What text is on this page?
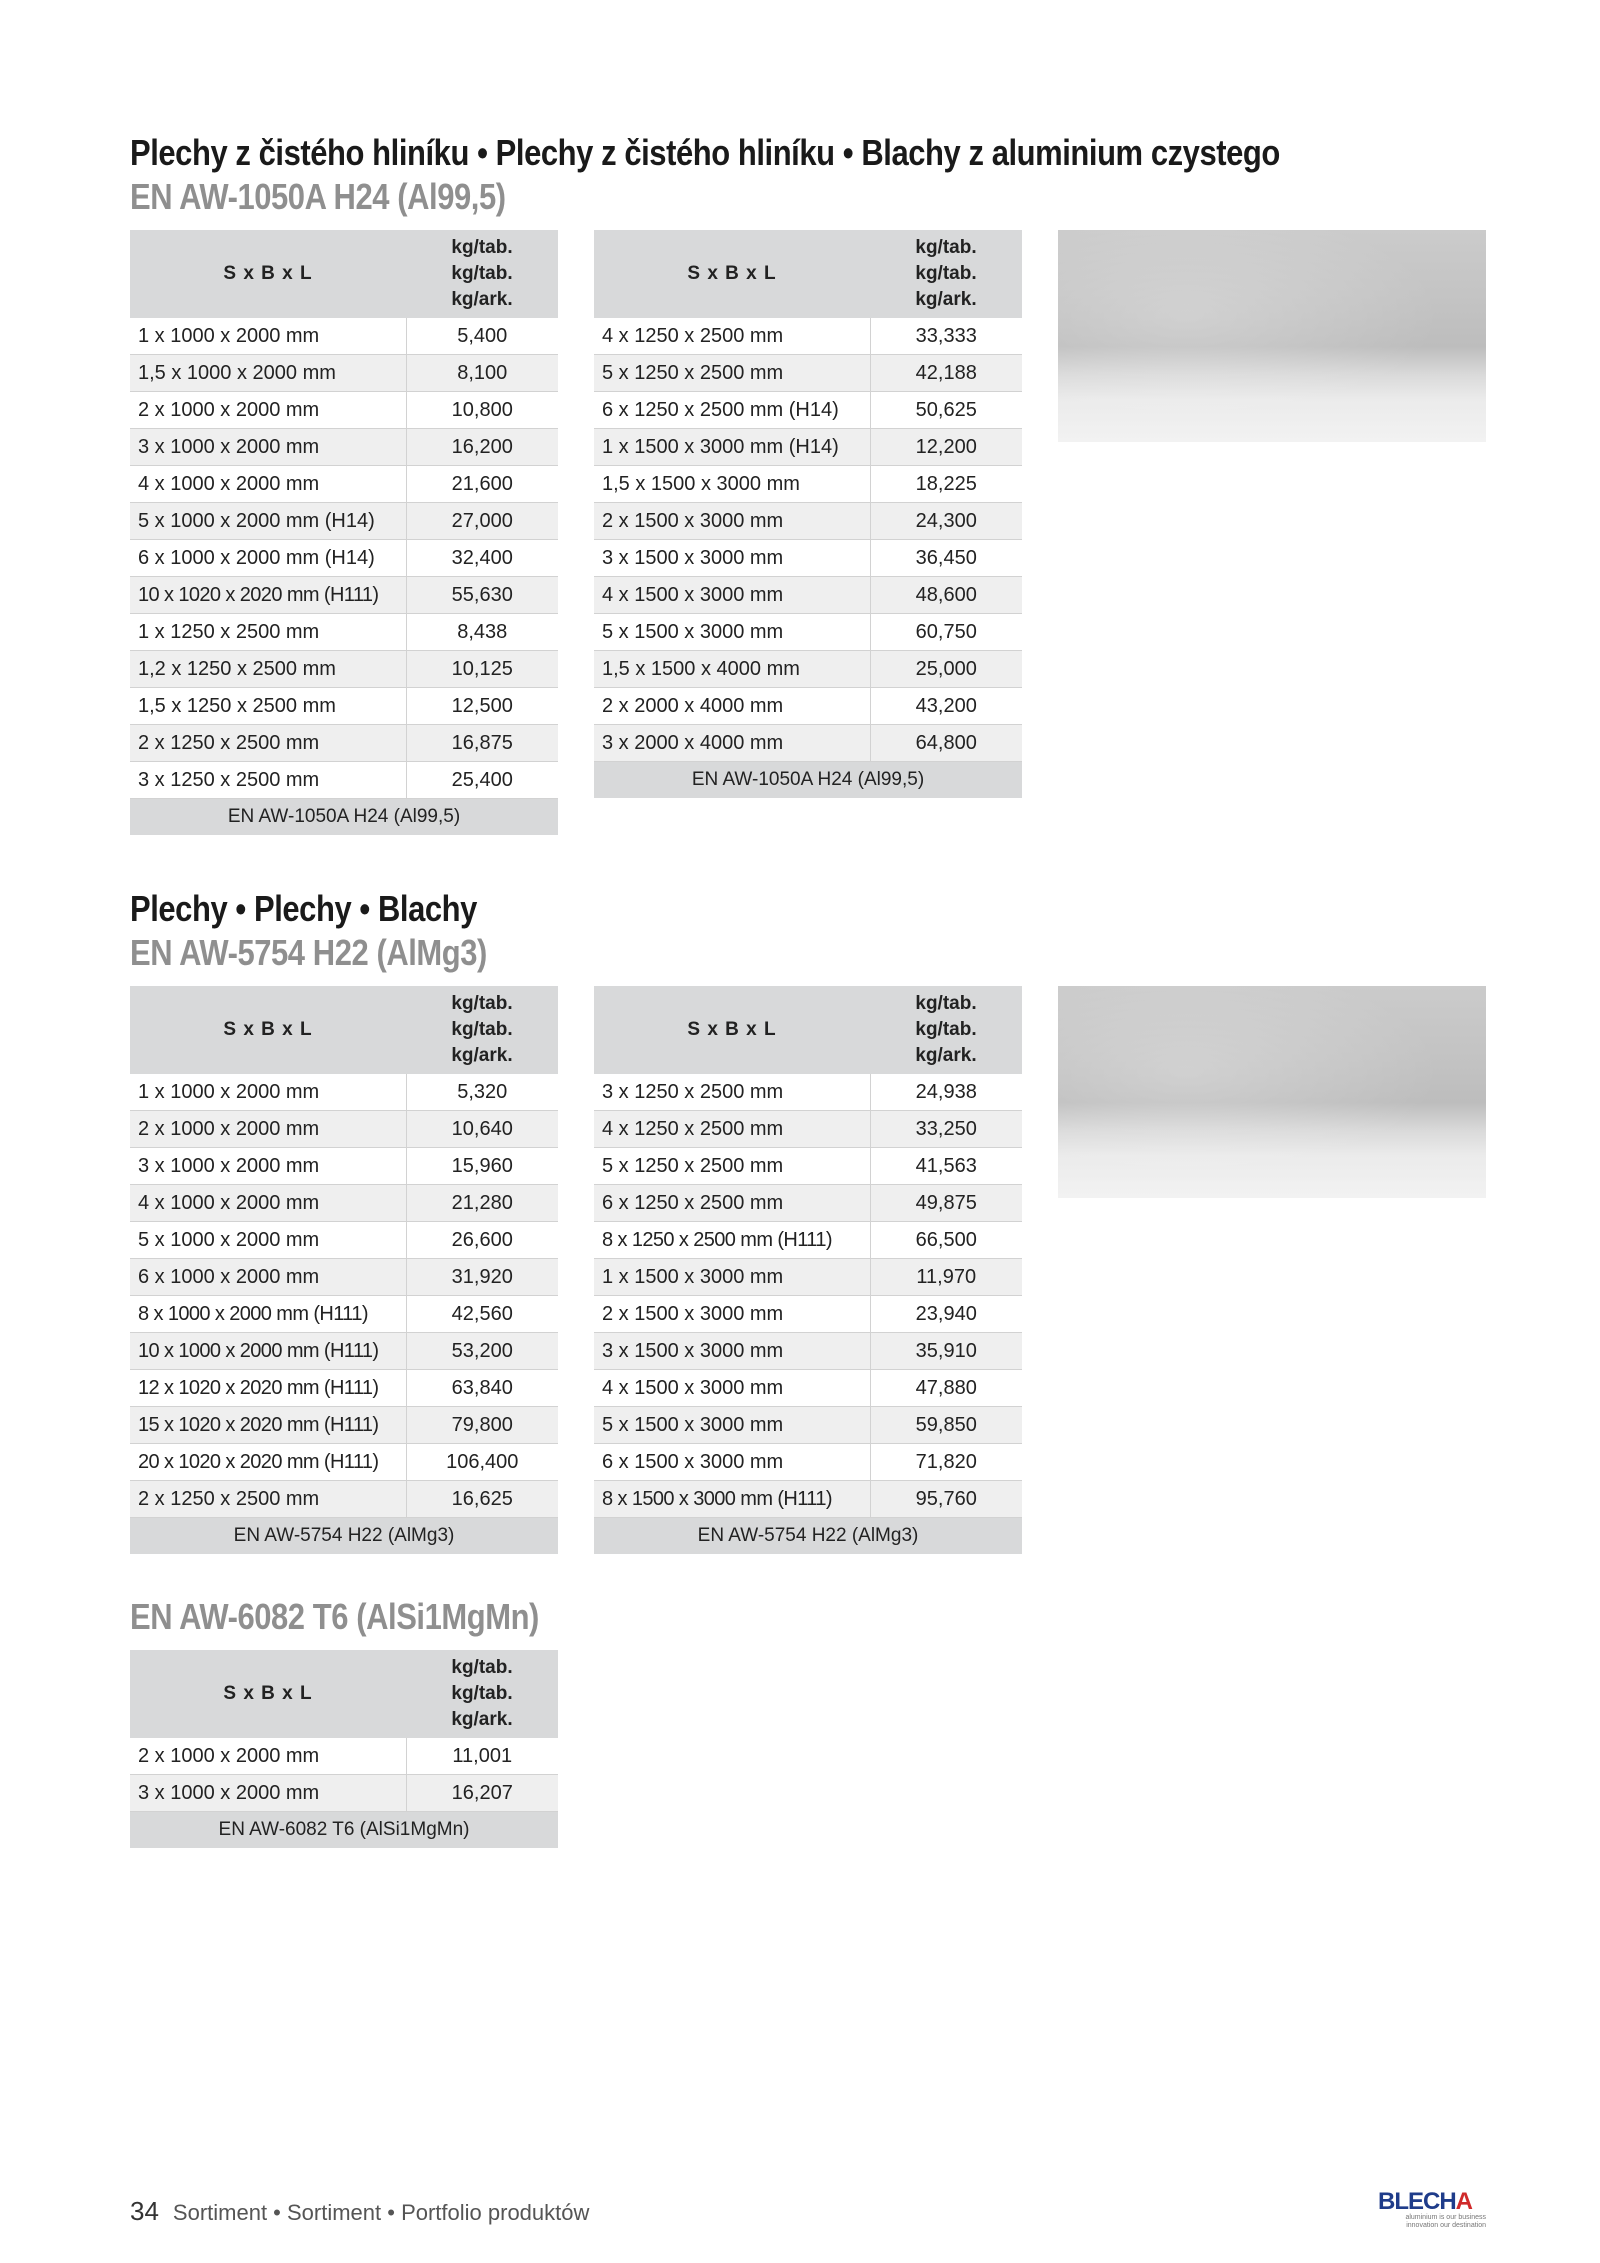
Plechy z čistého hliníku • Plechy z čistého hliníku • Blachy z aluminium czystego
EN AW-1050A H24 (Al99,5)
S x B x L	kg/tab.
kg/tab.
kg/ark.

1 x 1000 x 2000 mm	5,400
1,5 x 1000 x 2000 mm	8,100
2 x 1000 x 2000 mm	10,800
3 x 1000 x 2000 mm	16,200
4 x 1000 x 2000 mm	21,600
5 x 1000 x 2000 mm (H14)	27,000
6 x 1000 x 2000 mm (H14)	32,400
10 x 1020 x 2020 mm (H111)	55,630
1 x 1250 x 2500 mm	8,438
1,2 x 1250 x 2500 mm	10,125
1,5 x 1250 x 2500 mm	12,500
2 x 1250 x 2500 mm	16,875
3 x 1250 x 2500 mm	25,400
EN AW-1050A H24 (Al99,5)	
S x B x L	kg/tab.
kg/tab.
kg/ark.

4 x 1250 x 2500 mm	33,333
5 x 1250 x 2500 mm	42,188
6 x 1250 x 2500 mm (H14)	50,625
1 x 1500 x 3000 mm (H14)	12,200
1,5 x 1500 x 3000 mm	18,225
2 x 1500 x 3000 mm	24,300
3 x 1500 x 3000 mm	36,450
4 x 1500 x 3000 mm	48,600
5 x 1500 x 3000 mm	60,750
1,5 x 1500 x 4000 mm	25,000
2 x 2000 x 4000 mm	43,200
3 x 2000 x 4000 mm	64,800
EN AW-1050A H24 (Al99,5)	
Plechy • Plechy • Blachy
EN AW-5754 H22 (AlMg3)
S x B x L	kg/tab.
kg/tab.
kg/ark.

1 x 1000 x 2000 mm	5,320
2 x 1000 x 2000 mm	10,640
3 x 1000 x 2000 mm	15,960
4 x 1000 x 2000 mm	21,280
5 x 1000 x 2000 mm	26,600
6 x 1000 x 2000 mm	31,920
8 x 1000 x 2000 mm (H111)	42,560
10 x 1000 x 2000 mm (H111)	53,200
12 x 1020 x 2020 mm (H111)	63,840
15 x 1020 x 2020 mm (H111)	79,800
20 x 1020 x 2020 mm (H111)	106,400
2 x 1250 x 2500 mm	16,625
EN AW-5754 H22 (AlMg3)	
S x B x L	kg/tab.
kg/tab.
kg/ark.

3 x 1250 x 2500 mm	24,938
4 x 1250 x 2500 mm	33,250
5 x 1250 x 2500 mm	41,563
6 x 1250 x 2500 mm	49,875
8 x 1250 x 2500 mm (H111)	66,500
1 x 1500 x 3000 mm	11,970
2 x 1500 x 3000 mm	23,940
3 x 1500 x 3000 mm	35,910
4 x 1500 x 3000 mm	47,880
5 x 1500 x 3000 mm	59,850
6 x 1500 x 3000 mm	71,820
8 x 1500 x 3000 mm (H111)	95,760
EN AW-5754 H22 (AlMg3)	
EN AW-6082 T6 (AlSi1MgMn)
S x B x L	kg/tab.
kg/tab.
kg/ark.

2 x 1000 x 2000 mm	11,001
3 x 1000 x 2000 mm	16,207
EN AW-6082 T6 (AlSi1MgMn)	
34 Sortiment • Sortiment • Portfolio produktów	BLECHA
aluminium is our business
innovation our destination
